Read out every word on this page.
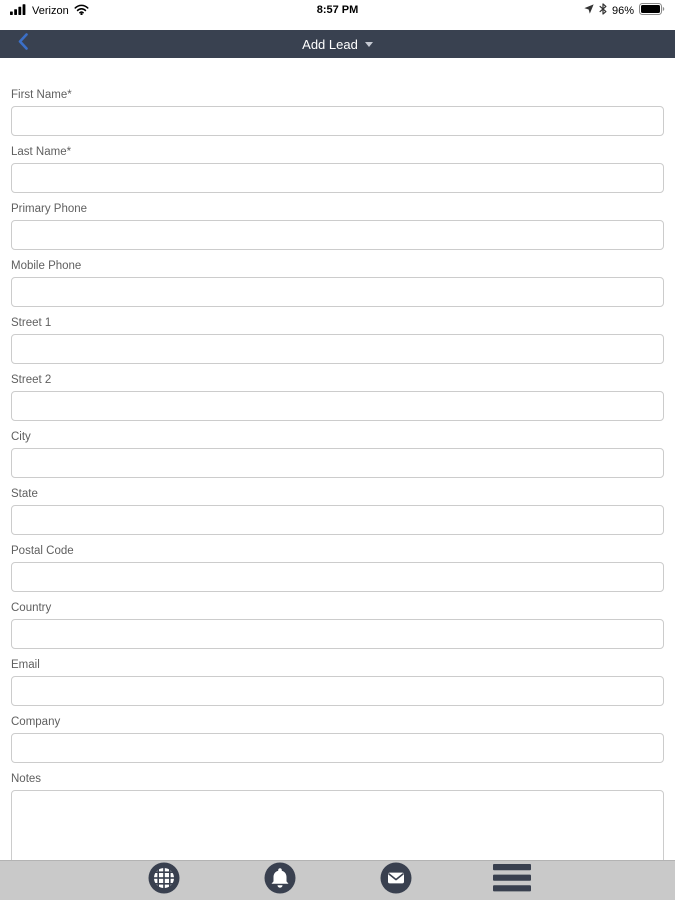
Verizon	8:57 PM	96%
Add Lead
First Name*
Last Name*
Primary Phone
Mobile Phone
Street 1
Street 2
City
State
Postal Code
Country
Email
Company
Notes
